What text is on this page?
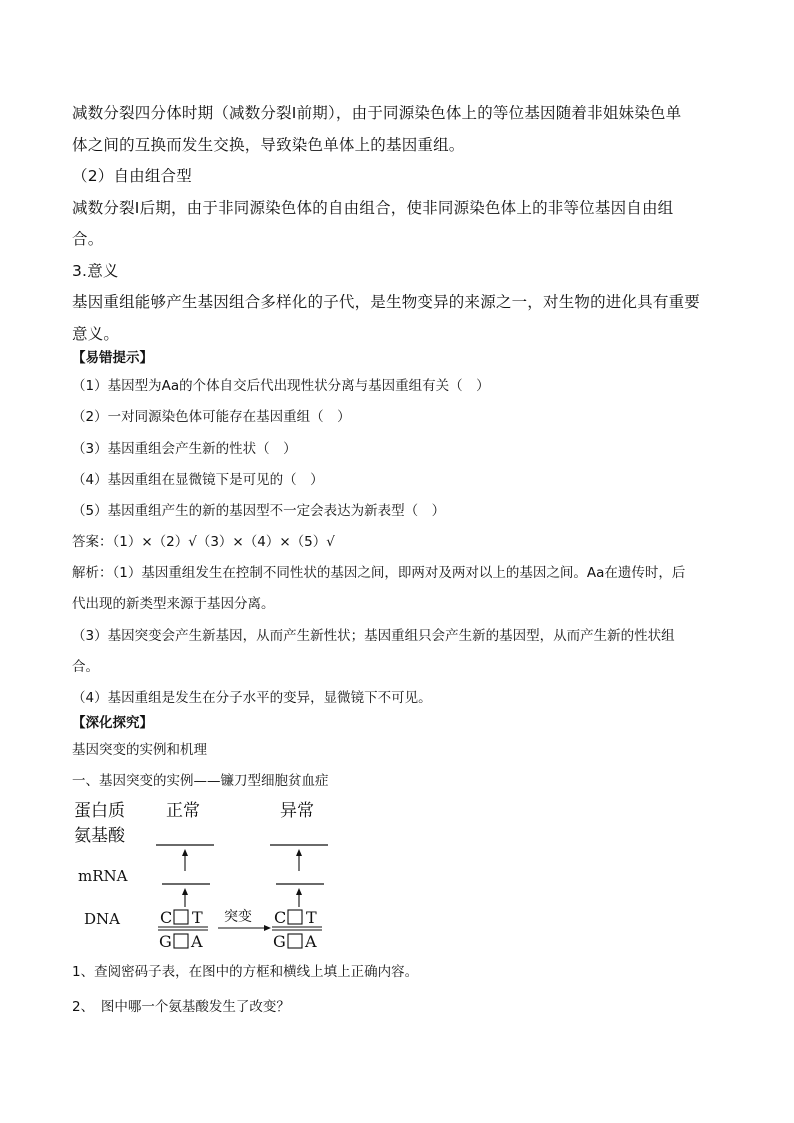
减数分裂四分体时期（减数分裂Ⅰ前期），由于同源染色体上的等位基因随着非姐妹染色单
体之间的互换而发生交换，导致染色单体上的基因重组。
（2）自由组合型
减数分裂Ⅰ后期，由于非同源染色体的自由组合，使非同源染色体上的非等位基因自由组
合。
3.意义
基因重组能够产生基因组合多样化的子代，是生物变异的来源之一，对生物的进化具有重要
意义。
【易错提示】
（1）基因型为Aa的个体自交后代出现性状分离与基因重组有关（　）
（2）一对同源染色体可能存在基因重组（　）
（3）基因重组会产生新的性状（　）
（4）基因重组在显微镜下是可见的（　）
（5）基因重组产生的新的基因型不一定会表达为新表型（　）
答案：（1）×（2）√（3）×（4）×（5）√
解析：（1）基因重组发生在控制不同性状的基因之间，即两对及两对以上的基因之间。Aa在遗传时，后
代出现的新类型来源于基因分离。
（3）基因突变会产生新基因，从而产生新性状；基因重组只会产生新的基因型，从而产生新的性状组
合。
（4）基因重组是发生在分子水平的变异，显微镜下不可见。
【深化探究】
基因突变的实例和机理
一、基因突变的实例——镰刀型细胞贫血症
蛋白质
氨基酸
mRNA
DNA
正常	异常
C T
G A
突变 C T
G A
1、查阅密码子表，在图中的方框和横线上填上正确内容。
2、　图中哪一个氨基酸发生了改变？
